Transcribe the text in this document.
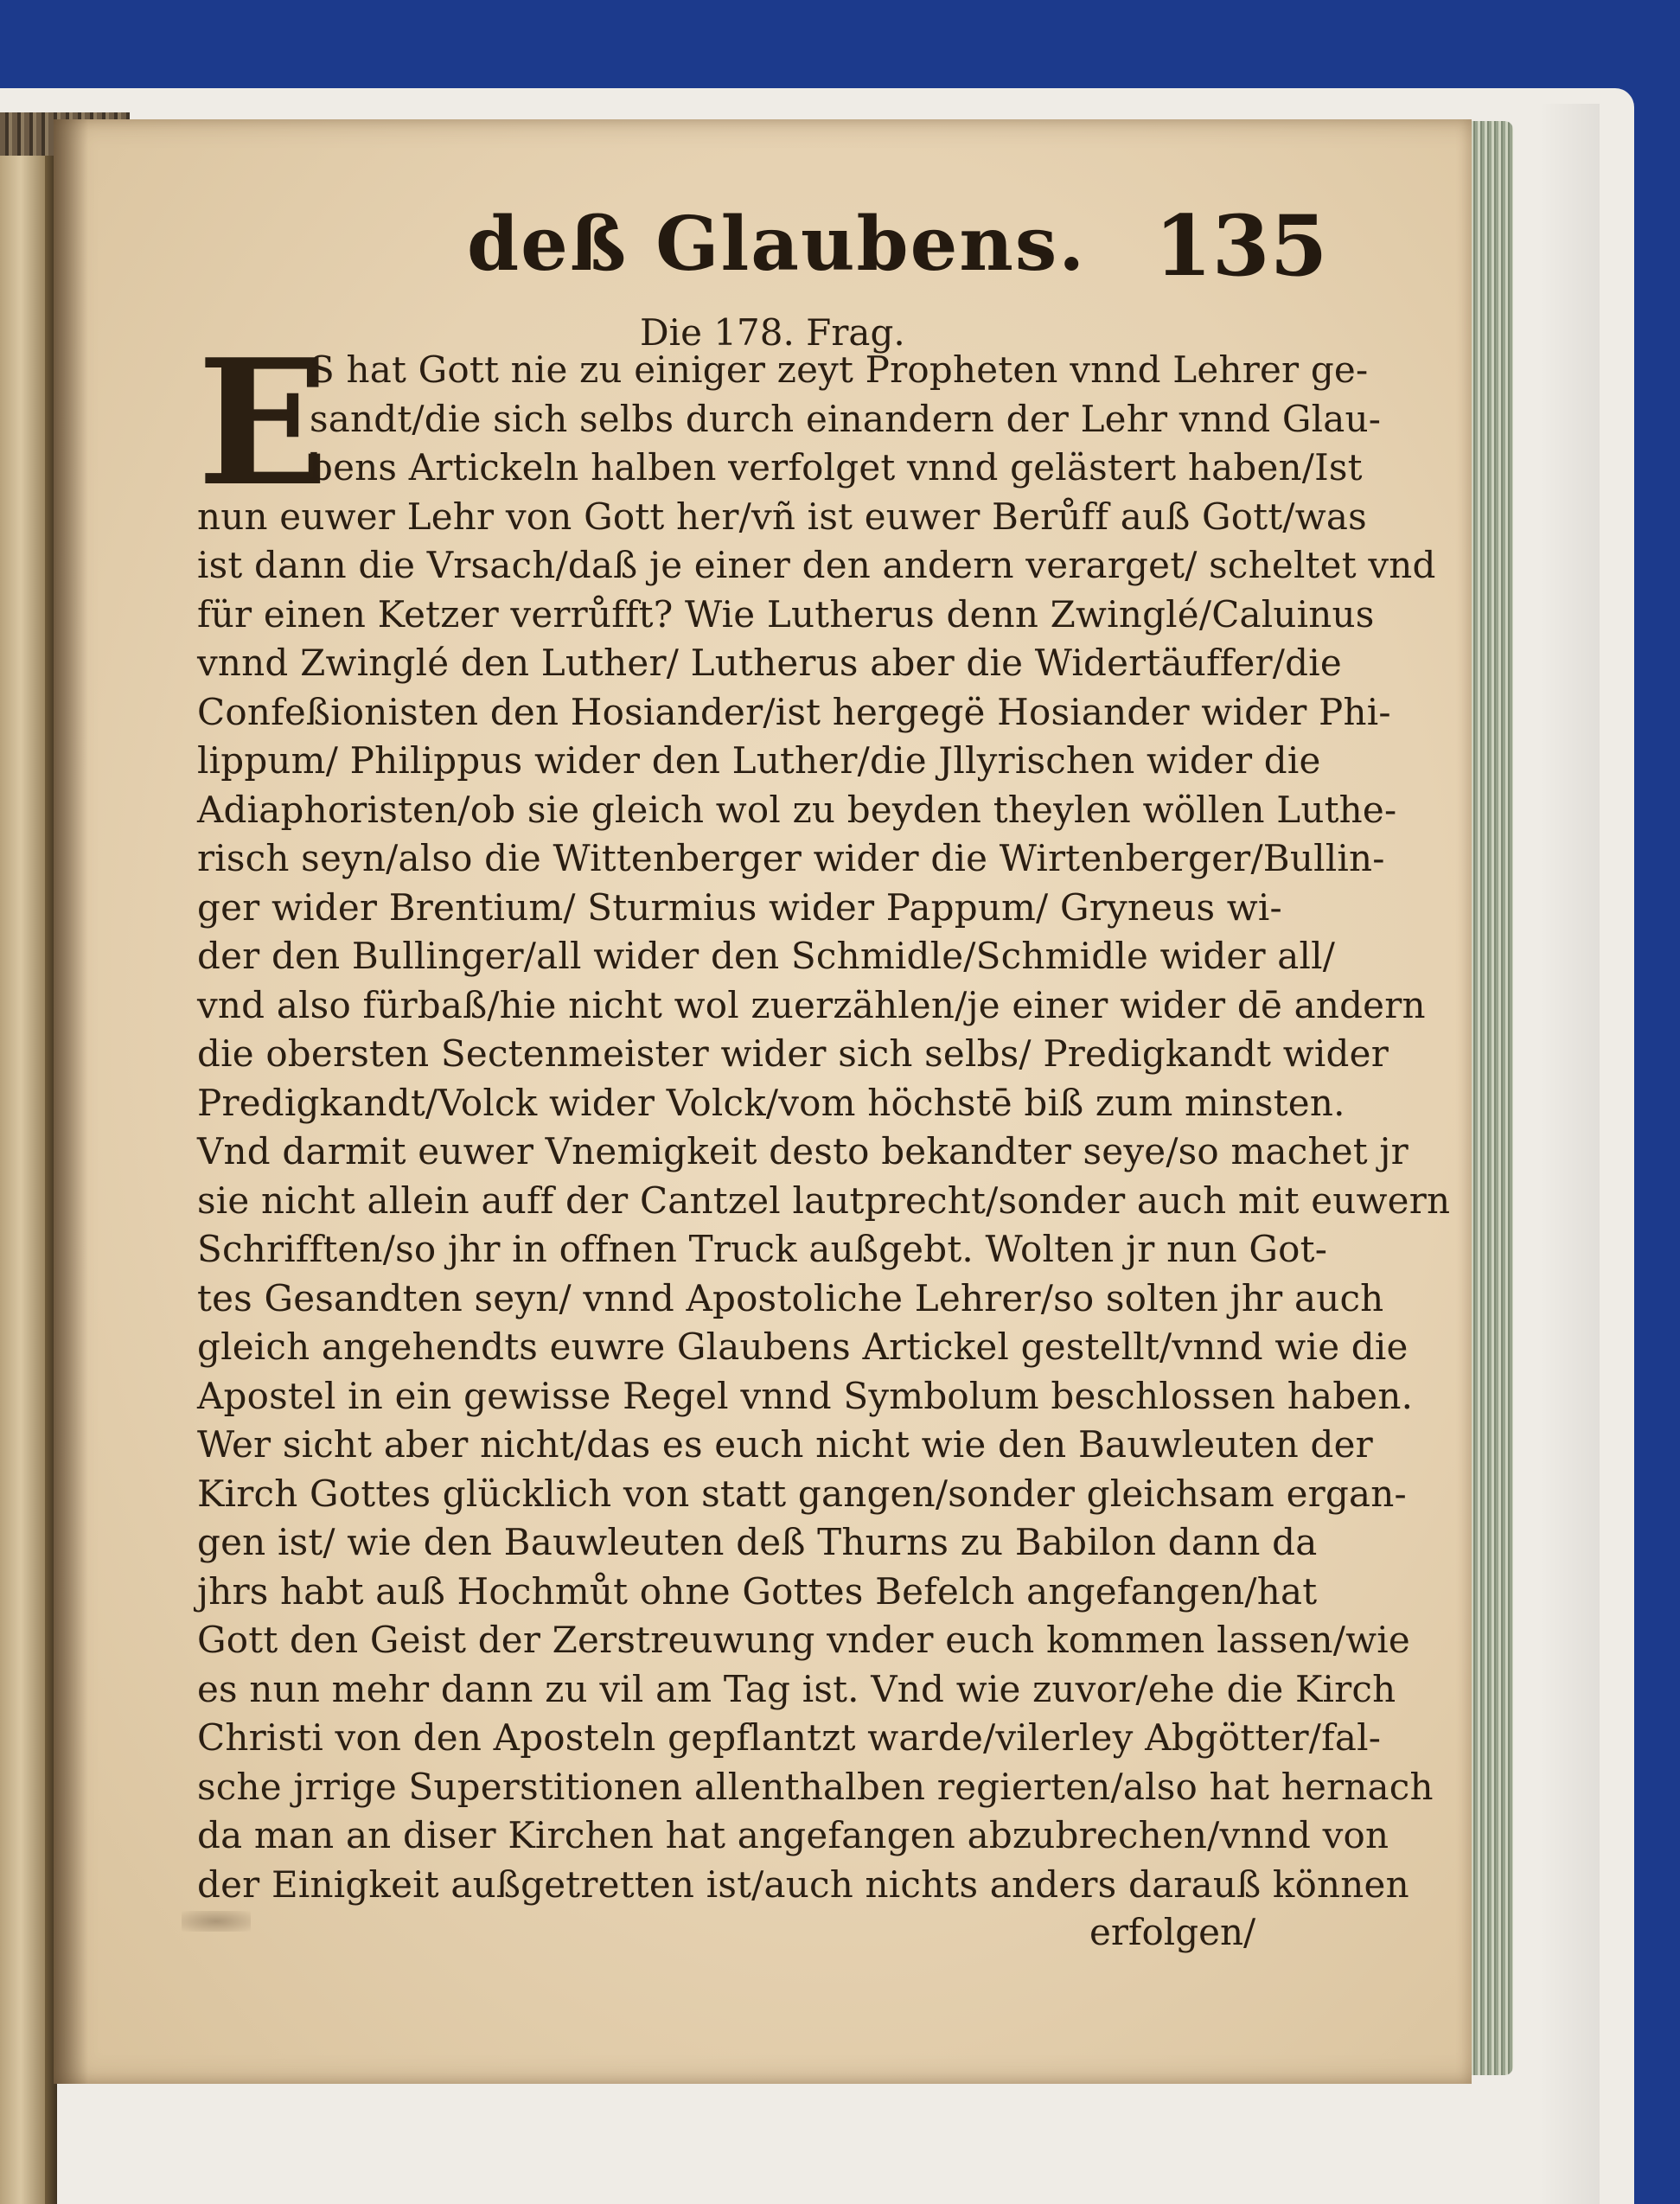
deß Glaubens. 135
Die 178. Frag.
E
S hat Gott nie zu einiger zeyt Propheten vnnd Lehrer ge-
sandt/die sich selbs durch einandern der Lehr vnnd Glau-
bens Artickeln halben verfolget vnnd gelästert haben/Ist
nun euwer Lehr von Gott her/vñ ist euwer Berůff auß Gott/was
ist dann die Vrsach/daß je einer den andern verarget/ scheltet vnd
für einen Ketzer verrůfft? Wie Lutherus denn Zwinglé/Caluinus
vnnd Zwinglé den Luther/ Lutherus aber die Widertäuffer/die
Confeßionisten den Hosiander/ist hergegë Hosiander wider Phi-
lippum/ Philippus wider den Luther/die Jllyrischen wider die
Adiaphoristen/ob sie gleich wol zu beyden theylen wöllen Luthe-
risch seyn/also die Wittenberger wider die Wirtenberger/Bullin-
ger wider Brentium/ Sturmius wider Pappum/ Gryneus wi-
der den Bullinger/all wider den Schmidle/Schmidle wider all/
vnd also fürbaß/hie nicht wol zuerzählen/je einer wider dē andern
die obersten Sectenmeister wider sich selbs/ Predigkandt wider
Predigkandt/Volck wider Volck/vom höchstē biß zum minsten.
Vnd darmit euwer Vnemigkeit desto bekandter seye/so machet jr
sie nicht allein auff der Cantzel lautprecht/sonder auch mit euwern
Schrifften/so jhr in offnen Truck außgebt. Wolten jr nun Got-
tes Gesandten seyn/ vnnd Apostoliche Lehrer/so solten jhr auch
gleich angehendts euwre Glaubens Artickel gestellt/vnnd wie die
Apostel in ein gewisse Regel vnnd Symbolum beschlossen haben.
Wer sicht aber nicht/das es euch nicht wie den Bauwleuten der
Kirch Gottes glücklich von statt gangen/sonder gleichsam ergan-
gen ist/ wie den Bauwleuten deß Thurns zu Babilon dann da
jhrs habt auß Hochmůt ohne Gottes Befelch angefangen/hat
Gott den Geist der Zerstreuwung vnder euch kommen lassen/wie
es nun mehr dann zu vil am Tag ist. Vnd wie zuvor/ehe die Kirch
Christi von den Aposteln gepflantzt warde/vilerley Abgötter/fal-
sche jrrige Superstitionen allenthalben regierten/also hat hernach
da man an diser Kirchen hat angefangen abzubrechen/vnnd von
der Einigkeit außgetretten ist/auch nichts anders darauß können
erfolgen/
